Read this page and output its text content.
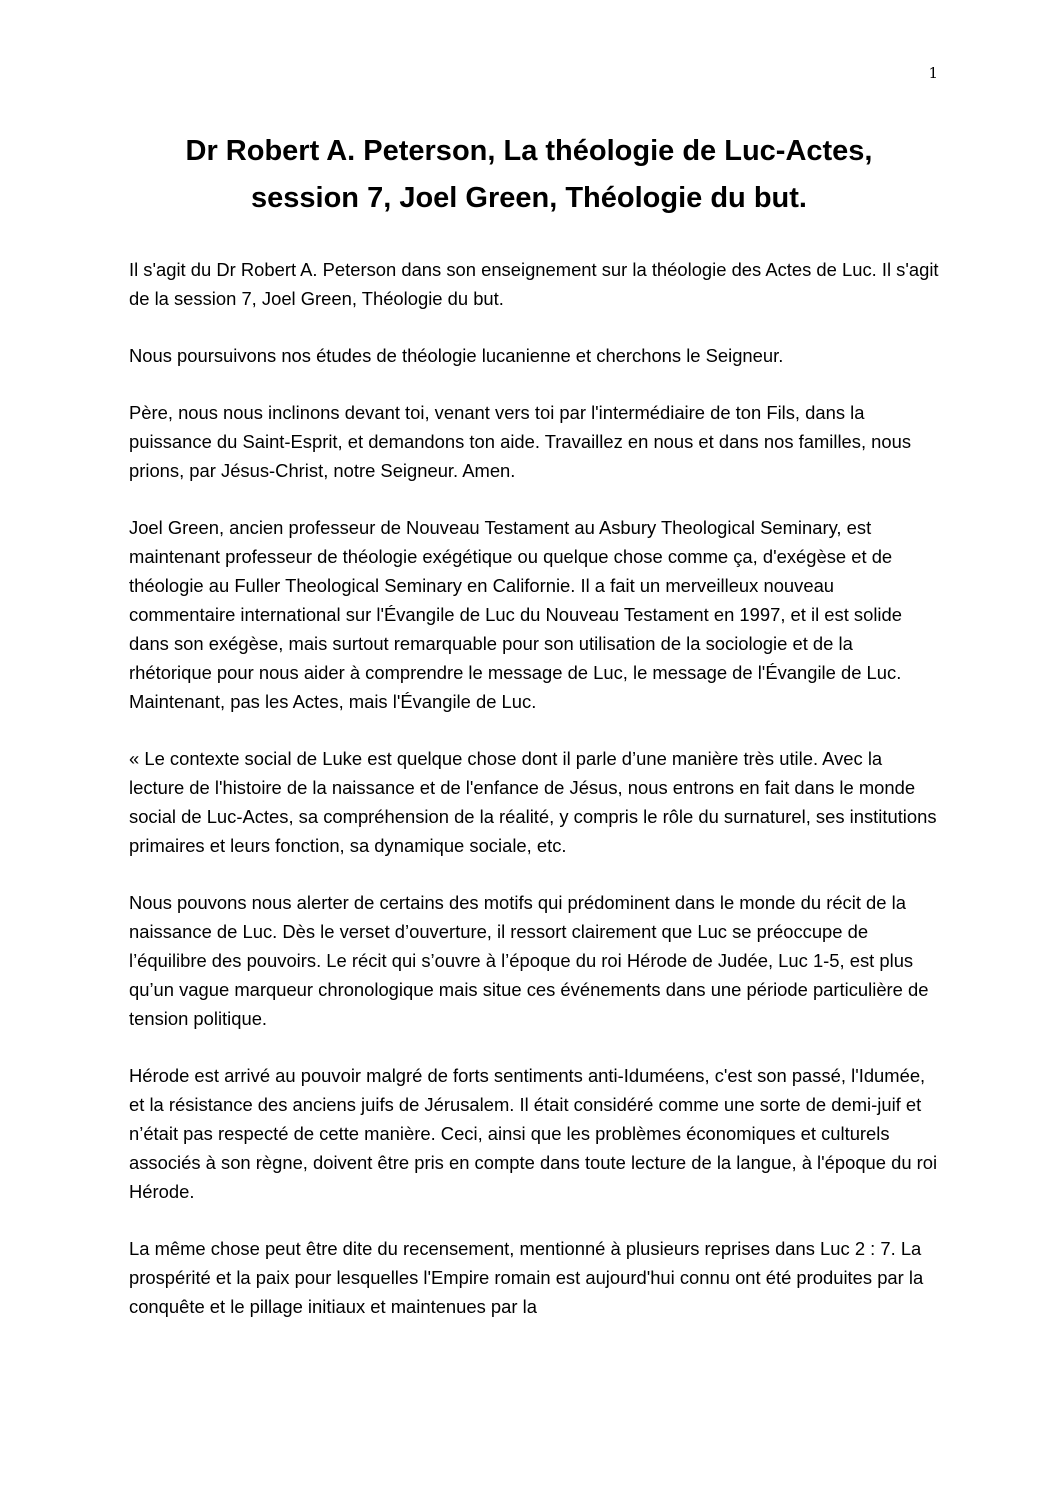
1
Dr Robert A. Peterson, La théologie de Luc-Actes,
session 7, Joel Green, Théologie du but.

Il s'agit du Dr Robert A. Peterson dans son enseignement sur la théologie des Actes de Luc. Il s'agit de la session 7, Joel Green, Théologie du but.

Nous poursuivons nos études de théologie lucanienne et cherchons le Seigneur.

Père, nous nous inclinons devant toi, venant vers toi par l'intermédiaire de ton Fils, dans la puissance du Saint-Esprit, et demandons ton aide. Travaillez en nous et dans nos familles, nous prions, par Jésus-Christ, notre Seigneur. Amen.

Joel Green, ancien professeur de Nouveau Testament au Asbury Theological Seminary, est maintenant professeur de théologie exégétique ou quelque chose comme ça, d'exégèse et de théologie au Fuller Theological Seminary en Californie. Il a fait un merveilleux nouveau commentaire international sur l'Évangile de Luc du Nouveau Testament en 1997, et il est solide dans son exégèse, mais surtout remarquable pour son utilisation de la sociologie et de la rhétorique pour nous aider à comprendre le message de Luc, le message de l'Évangile de Luc. Maintenant, pas les Actes, mais l'Évangile de Luc.

« Le contexte social de Luke est quelque chose dont il parle d’une manière très utile. Avec la lecture de l'histoire de la naissance et de l'enfance de Jésus, nous entrons en fait dans le monde social de Luc-Actes, sa compréhension de la réalité, y compris le rôle du surnaturel, ses institutions primaires et leurs fonction, sa dynamique sociale, etc.

Nous pouvons nous alerter de certains des motifs qui prédominent dans le monde du récit de la naissance de Luc. Dès le verset d’ouverture, il ressort clairement que Luc se préoccupe de l’équilibre des pouvoirs. Le récit qui s’ouvre à l’époque du roi Hérode de Judée, Luc 1-5, est plus qu’un vague marqueur chronologique mais situe ces événements dans une période particulière de tension politique.

Hérode est arrivé au pouvoir malgré de forts sentiments anti-Iduméens, c'est son passé, l'Idumée, et la résistance des anciens juifs de Jérusalem. Il était considéré comme une sorte de demi-juif et n’était pas respecté de cette manière. Ceci, ainsi que les problèmes économiques et culturels associés à son règne, doivent être pris en compte dans toute lecture de la langue, à l'époque du roi Hérode.

La même chose peut être dite du recensement, mentionné à plusieurs reprises dans Luc 2 : 7. La prospérité et la paix pour lesquelles l'Empire romain est aujourd'hui connu ont été produites par la conquête et le pillage initiaux et maintenues par la
